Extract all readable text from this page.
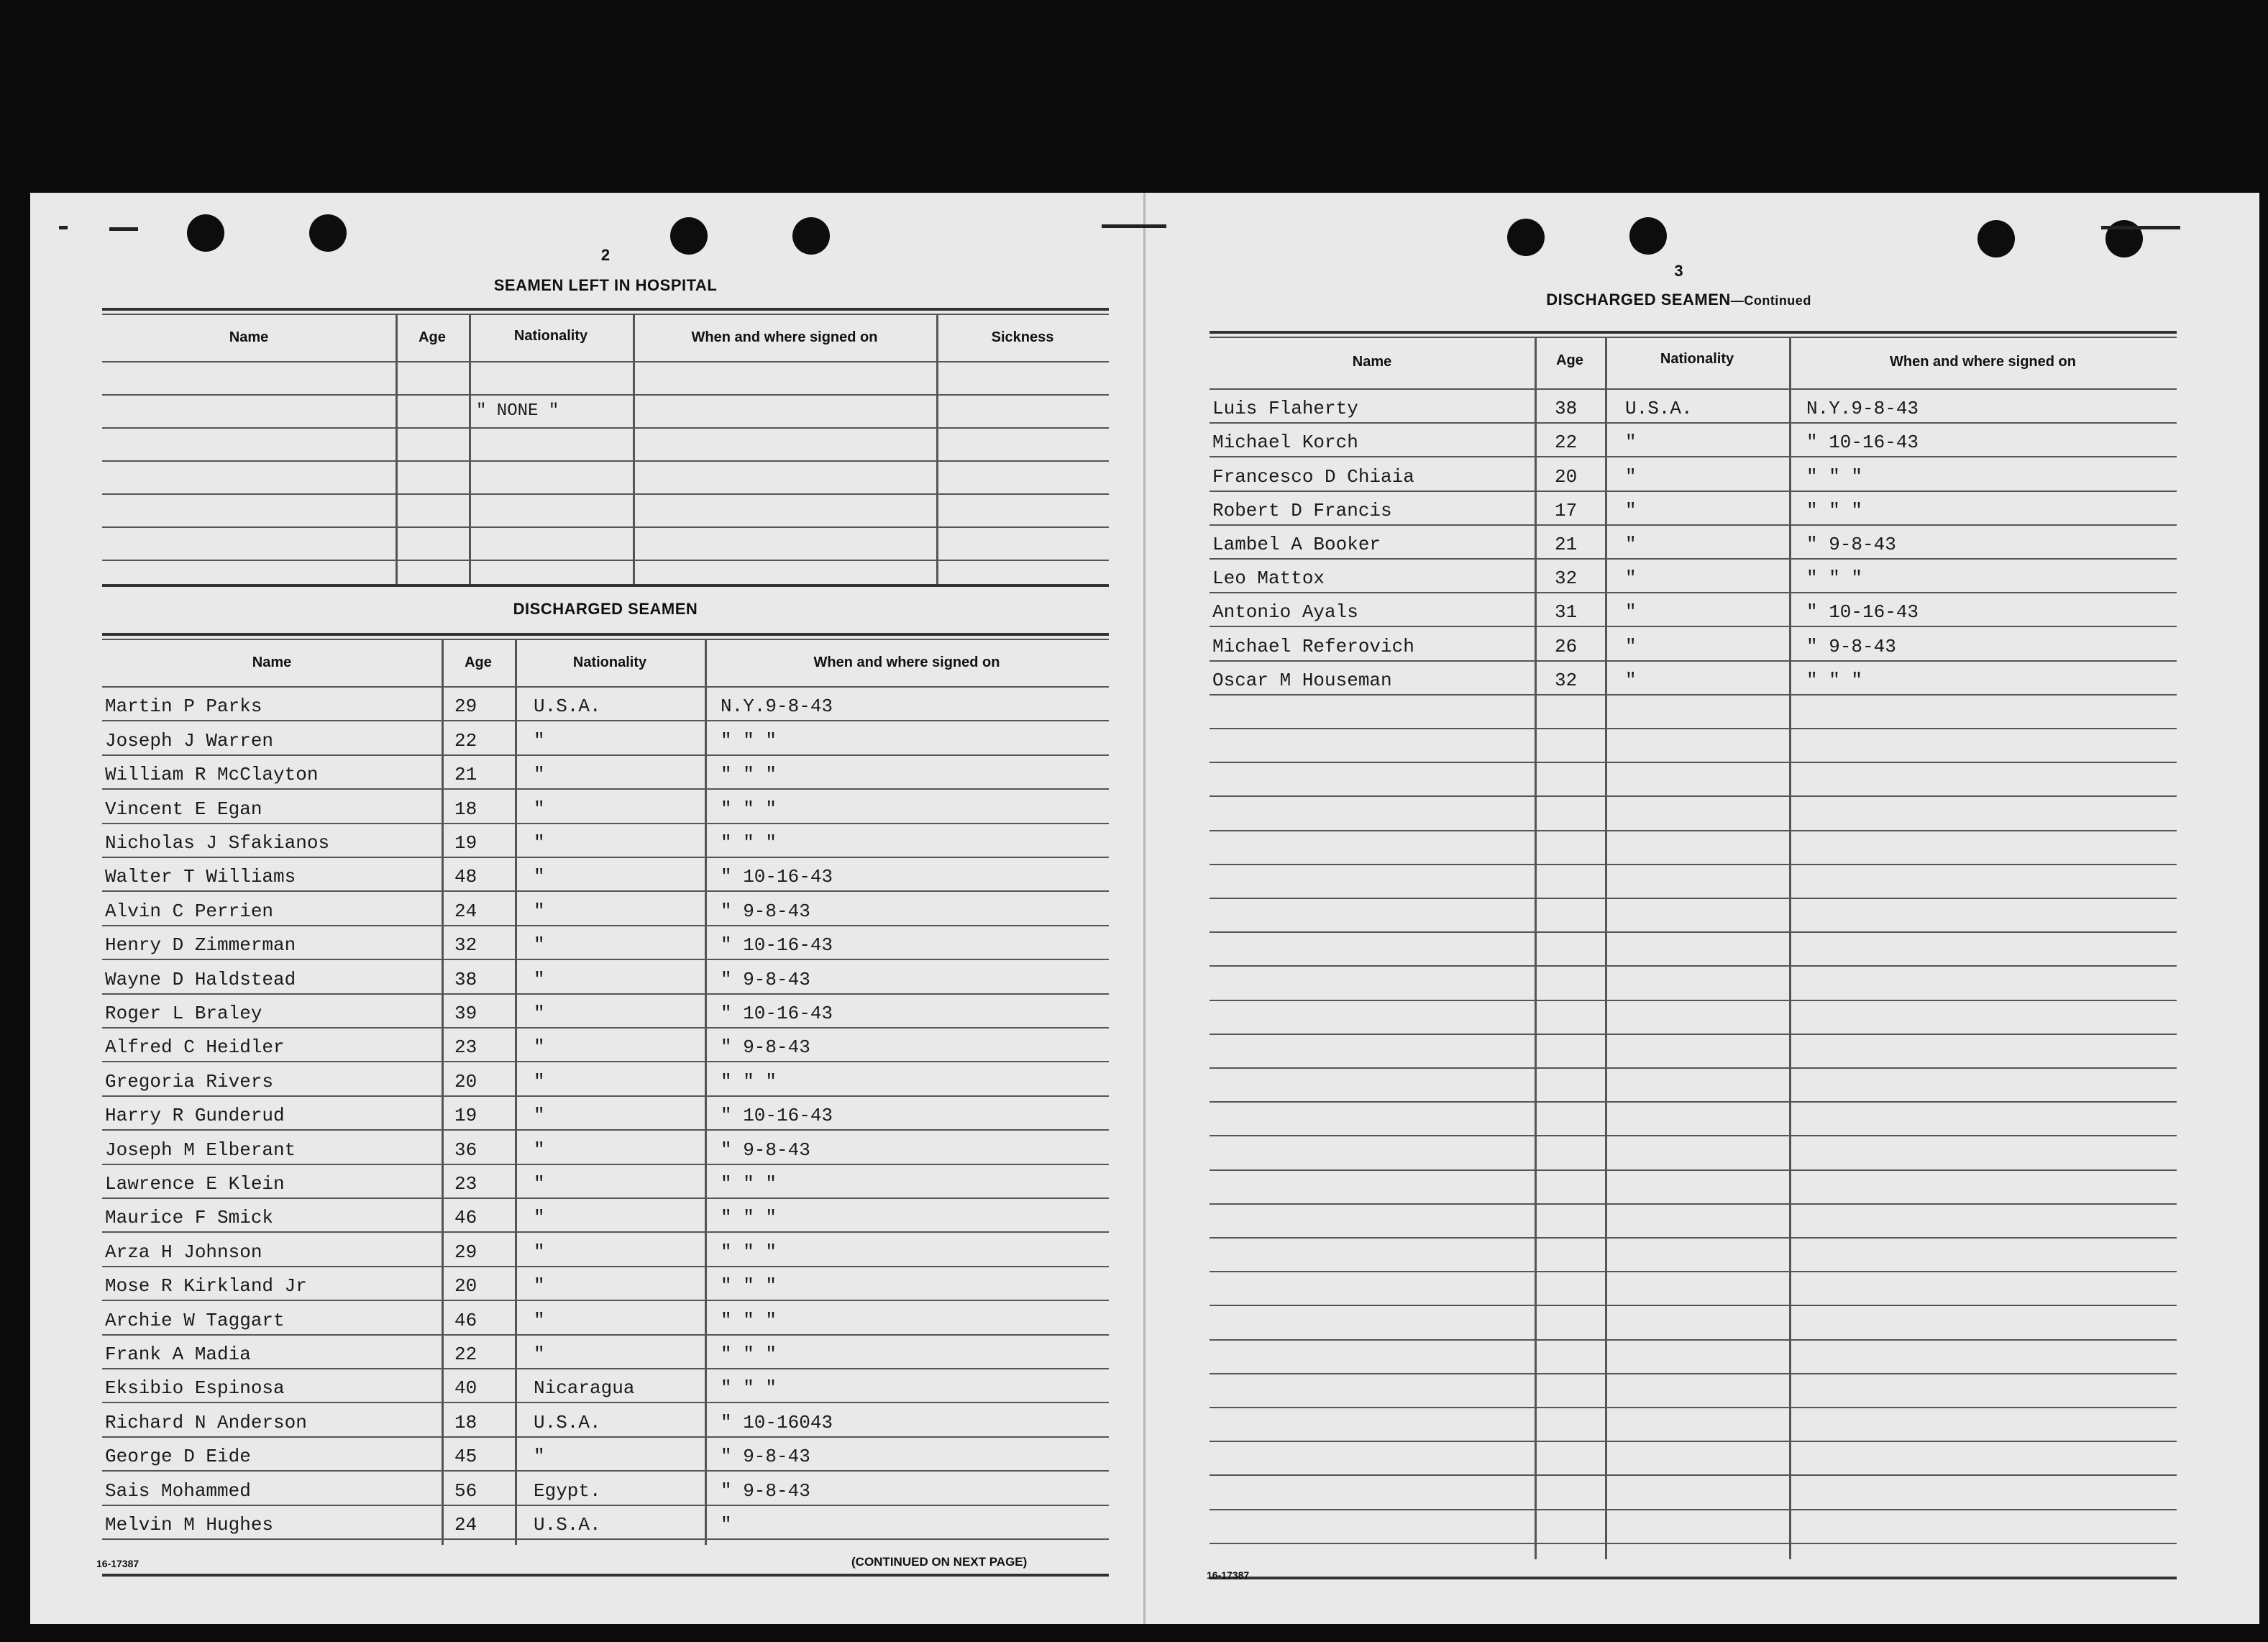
2
SEAMEN LEFT IN HOSPITAL
Name	Age	Nationality	When and where signed on	Sickness
" NONE "
DISCHARGED SEAMEN
Name	Age	Nationality	When and where signed on
Martin P Parks	29	U.S.A.	N.Y.9-8-43
Joseph J Warren	22	"	" " "
William R McClayton	21	"	" " "
Vincent E Egan	18	"	" " "
Nicholas J Sfakianos	19	"	" " "
Walter T Williams	48	"	" 10-16-43
Alvin C Perrien	24	"	" 9-8-43
Henry D Zimmerman	32	"	" 10-16-43
Wayne D Haldstead	38	"	" 9-8-43
Roger L Braley	39	"	" 10-16-43
Alfred C Heidler	23	"	" 9-8-43
Gregoria Rivers	20	"	" " "
Harry R Gunderud	19	"	" 10-16-43
Joseph M Elberant	36	"	" 9-8-43
Lawrence E Klein	23	"	" " "
Maurice F Smick	46	"	" " "
Arza H Johnson	29	"	" " "
Mose R Kirkland Jr	20	"	" " "
Archie W Taggart	46	"	" " "
Frank A Madia	22	"	" " "
Eksibio Espinosa	40	Nicaragua	" " "
Richard N Anderson	18	U.S.A.	" 10-16043
George D Eide	45	"	" 9-8-43
Sais Mohammed	56	Egypt.	" 9-8-43
Melvin M Hughes	24	U.S.A.	"
16-17387	(CONTINUED ON NEXT PAGE)
3
DISCHARGED SEAMEN—Continued
Name	Age	Nationality	When and where signed on
Luis Flaherty	38	U.S.A.	N.Y.9-8-43
Michael Korch	22	"	" 10-16-43
Francesco D Chiaia	20	"	" " "
Robert D Francis	17	"	" " "
Lambel A Booker	21	"	" 9-8-43
Leo Mattox	32	"	" " "
Antonio Ayals	31	"	" 10-16-43
Michael Referovich	26	"	" 9-8-43
Oscar M Houseman	32	"	" " "
16-17387
